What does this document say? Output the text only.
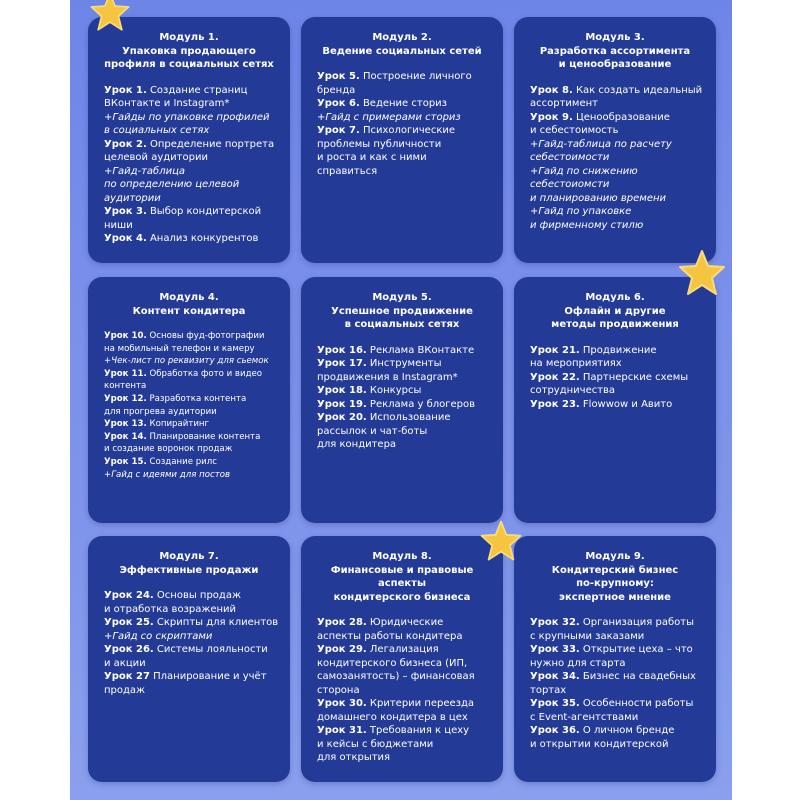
Модуль 1.
Упаковка продающего
профиля в социальных сетях
Урок 1. Создание страниц
ВКонтакте и Instagram*
+Гайды по упаковке профилей
в социальных сетях
Урок 2. Определение портрета
целевой аудитории
+Гайд-таблица
по определению целевой
аудитории
Урок 3. Выбор кондитерской
ниши
Урок 4. Анализ конкурентов
Модуль 2.
Ведение социальных сетей
Урок 5. Построение личного
бренда
Урок 6. Ведение сториз
+Гайд с примерами сториз
Урок 7. Психологические
проблемы публичности
и роста и как с ними
справиться
Модуль 3.
Разработка ассортимента
и ценообразование
Урок 8. Как создать идеальный
ассортимент
Урок 9. Ценообразование
и себестоимость
+Гайд-таблица по расчету
себестоимости
+Гайд по снижению
себестоиомсти
и планированию времени
+Гайд по упаковке
и фирменному стилю
Модуль 4.
Контент кондитера
Урок 10. Основы фуд-фотографии
на мобильный телефон и камеру
+Чек-лист по реквизиту для сьемок
Урок 11. Обработка фото и видео
контента
Урок 12. Разработка контента
для прогрева аудитории
Урок 13. Копирайтинг
Урок 14. Планирование контента
и создание воронок продаж
Урок 15. Создание рилс
+Гайд с идеями для постов
Модуль 5.
Успешное продвижение
в социальных сетях
Урок 16. Реклама ВКонтакте
Урок 17. Инструменты
продвижения в Instagram*
Урок 18. Конкурсы
Урок 19. Реклама у блогеров
Урок 20. Использование
рассылок и чат-боты
для кондитера
Модуль 6.
Офлайн и другие
методы продвижения
Урок 21. Продвижение
на мероприятиях
Урок 22. Партнерские схемы
сотрудничества
Урок 23. Flowwow и Авито
Модуль 7.
Эффективные продажи
Урок 24. Основы продаж
и отработка возражений
Урок 25. Скрипты для клиентов
+Гайд со скриптами
Урок 26. Системы лояльности
и акции
Урок 27 Планирование и учёт
продаж
Модуль 8.
Финансовые и правовые
аспекты
кондитерского бизнеса
Урок 28. Юридические
аспекты работы кондитера
Урок 29. Легализация
кондитерского бизнеса (ИП,
самозанятость) – финансовая
сторона
Урок 30. Критерии переезда
домашнего кондитера в цех
Урок 31. Требования к цеху
и кейсы с бюджетами
для открытия
Модуль 9.
Кондитерский бизнес
по-крупному:
экспертное мнение
Урок 32. Организация работы
с крупными заказами
Урок 33. Открытие цеха – что
нужно для старта
Урок 34. Бизнес на свадебных
тортах
Урок 35. Особенности работы
с Event-агентствами
Урок 36. О личном бренде
и открытии кондитерской
